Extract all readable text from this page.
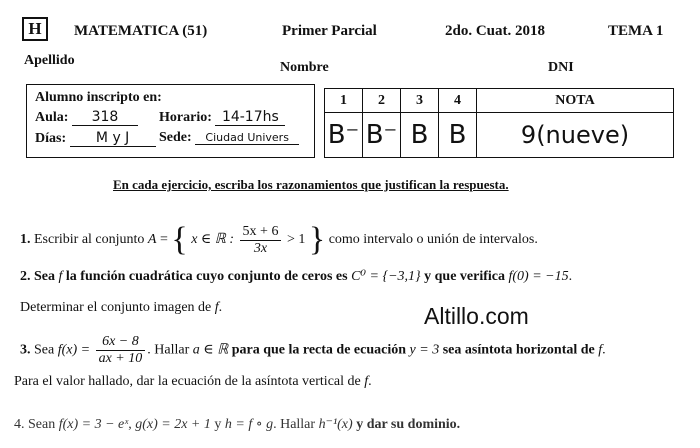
H	MATEMATICA (51)	Primer Parcial	2do. Cuat. 2018	TEMA 1
Apellido	Nombre	DNI
Alumno inscripto en:
Aula: 318	Horario: 14-17hs
Días: M y J	Sede: Ciudad Univers
1	2	3	4	NOTA
B⁻	B⁻	B	B	9(nueve)
En cada ejercicio, escriba los razonamientos que justifican la respuesta.
1. Escribir al conjunto A = { x ∈ ℝ : $\frac{5x + 6}{3x} > 1$ } como intervalo o unión de intervalos.
2. Sea f la función cuadrática cuyo conjunto de ceros es C⁰ = {−3,1} y que verifica f(0) = −15.
Determinar el conjunto imagen de f.	Altillo.com
3. Sea $f(x) = \frac{6x - 8}{ax + 10}$ . Hallar a ∈ ℝ para que la recta de ecuación y = 3 sea asíntota horizontal de f.
Para el valor hallado, dar la ecuación de la asíntota vertical de f.
4. Sean f(x) = 3 − eˣ, g(x) = 2x + 1 y h = f ∘ g. Hallar h⁻¹(x) y dar su dominio.
